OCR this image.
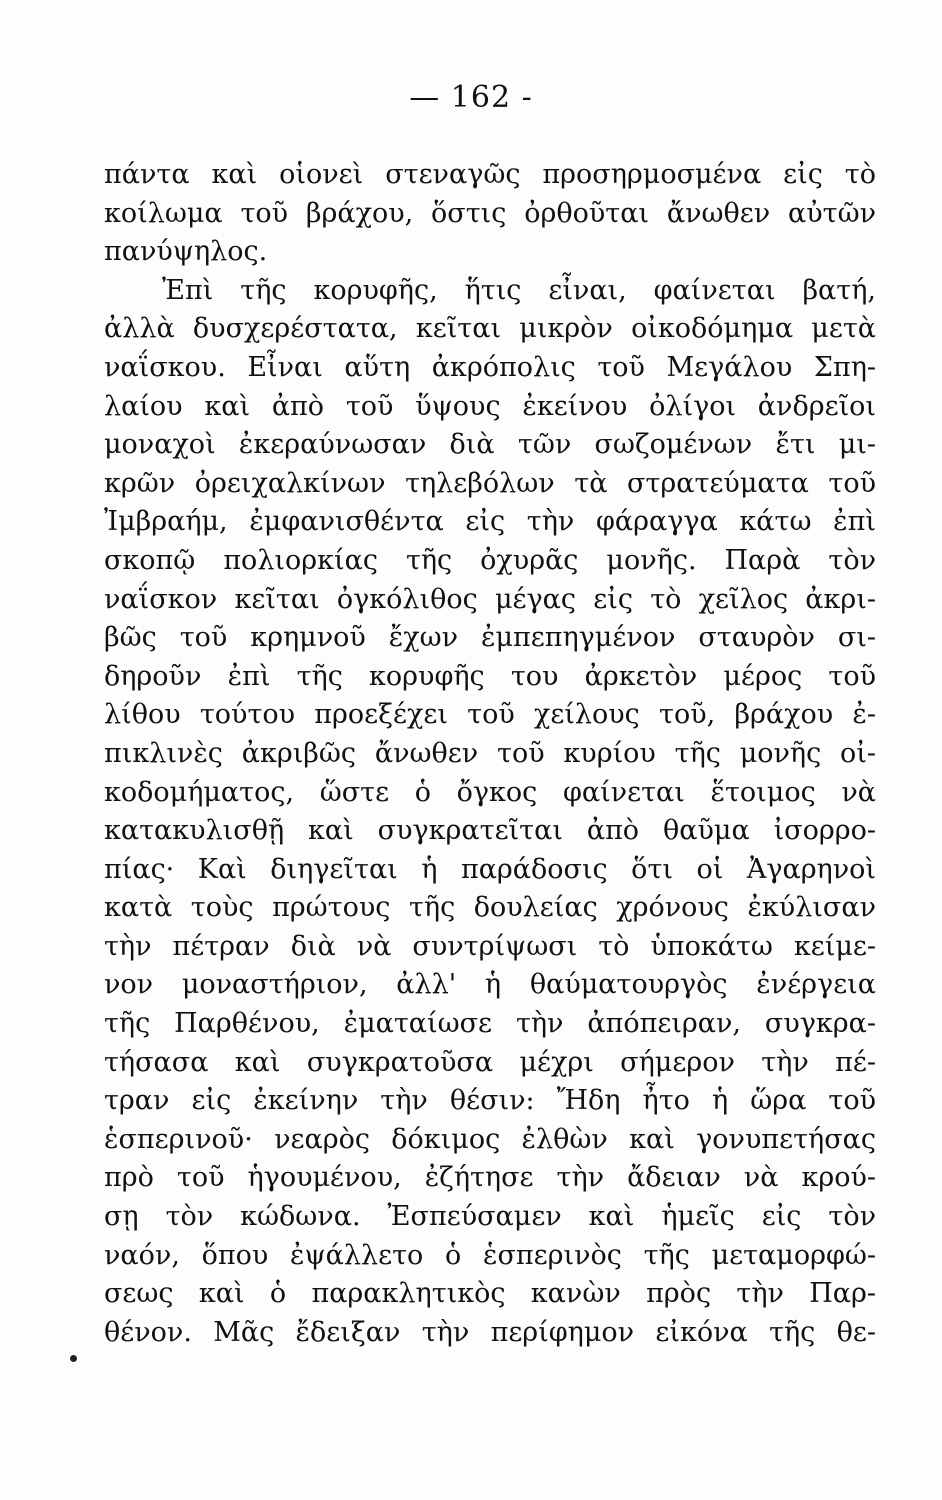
— 162 -
πάντα καὶ οἱονεὶ στεναγῶς προσηρμοσμένα εἰς τὸ
κοίλωμα τοῦ βράχου, ὅστις ὀρθοῦται ἄνωθεν αὐτῶν
πανύψηλος.
Ἐπὶ τῆς κορυφῆς, ἥτις εἶναι, φαίνεται βατή,
ἀλλὰ δυσχερέστατα, κεῖται μικρὸν οἰκοδόμημα μετὰ
ναΐσκου. Εἶναι αὕτη ἀκρόπολις τοῦ Μεγάλου Σπη-
λαίου καὶ ἀπὸ τοῦ ὕψους ἐκείνου ὀλίγοι ἀνδρεῖοι
μοναχοὶ ἐκεραύνωσαν διὰ τῶν σωζομένων ἔτι μι-
κρῶν ὀρειχαλκίνων τηλεβόλων τὰ στρατεύματα τοῦ
Ἰμβραήμ, ἐμφανισθέντα εἰς τὴν φάραγγα κάτω ἐπὶ
σκοπῷ πολιορκίας τῆς ὀχυρᾶς μονῆς. Παρὰ τὸν
ναΐσκον κεῖται ὀγκόλιθος μέγας εἰς τὸ χεῖλος ἀκρι-
βῶς τοῦ κρημνοῦ ἔχων ἐμπεπηγμένον σταυρὸν σι-
δηροῦν ἐπὶ τῆς κορυφῆς του ἀρκετὸν μέρος τοῦ
λίθου τούτου προεξέχει τοῦ χείλους τοῦ, βράχου ἐ-
πικλινὲς ἀκριβῶς ἄνωθεν τοῦ κυρίου τῆς μονῆς οἰ-
κοδομήματος, ὥστε ὁ ὄγκος φαίνεται ἕτοιμος νὰ
κατακυλισθῇ καὶ συγκρατεῖται ἀπὸ θαῦμα ἰσορρο-
πίας· Καὶ διηγεῖται ἡ παράδοσις ὅτι οἱ Ἀγαρηνοὶ
κατὰ τοὺς πρώτους τῆς δουλείας χρόνους ἐκύλισαν
τὴν πέτραν διὰ νὰ συντρίψωσι τὸ ὑποκάτω κείμε-
νον μοναστήριον, ἀλλ' ἡ θαύματουργὸς ἐνέργεια
τῆς Παρθένου, ἐματαίωσε τὴν ἀπόπειραν, συγκρα-
τήσασα καὶ συγκρατοῦσα μέχρι σήμερον τὴν πέ-
τραν εἰς ἐκείνην τὴν θέσιν: Ἤδη ἦτο ἡ ὥρα τοῦ
ἑσπερινοῦ· νεαρὸς δόκιμος ἐλθὼν καὶ γονυπετήσας
πρὸ τοῦ ἡγουμένου, ἐζήτησε τὴν ἄδειαν νὰ κρού-
σῃ τὸν κώδωνα. Ἐσπεύσαμεν καὶ ἡμεῖς εἰς τὸν
ναόν, ὅπου ἐψάλλετο ὁ ἑσπερινὸς τῆς μεταμορφώ-
σεως καὶ ὁ παρακλητικὸς κανὼν πρὸς τὴν Παρ-
θένον. Μᾶς ἔδειξαν τὴν περίφημον εἰκόνα τῆς θε-
